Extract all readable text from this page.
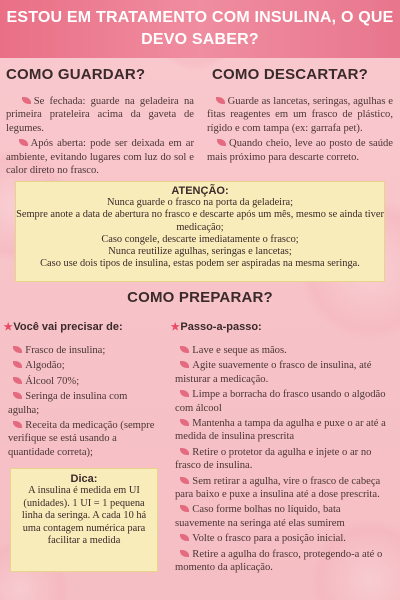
ESTOU EM TRATAMENTO COM INSULINA, O QUE DEVO SABER?
COMO GUARDAR?	COMO DESCARTAR?

Se fechada: guarde na geladeira na primeira prateleira acima da gaveta de legumes.

Após aberta: pode ser deixada em ar ambiente, evitando lugares com luz do sol e calor direto no frasco.

Guarde as lancetas, seringas, agulhas e fitas reagentes em um frasco de plástico, rígido e com tampa (ex: garrafa pet).

Quando cheio, leve ao posto de saúde mais próximo para descarte correto.

ATENÇÃO:
Nunca guarde o frasco na porta da geladeira;
Sempre anote a data de abertura no frasco e descarte após um mês, mesmo se ainda tiver medicação;
Caso congele, descarte imediatamente o frasco;
Nunca reutilize agulhas, seringas e lancetas;
Caso use dois tipos de insulina, estas podem ser aspiradas na mesma seringa.
COMO PREPARAR?
✯Você vai precisar de:	✯Passo-a-passo:
Frasco de insulina;
Algodão;
Álcool 70%;
Seringa de insulina com agulha;
Receita da medicação (sempre verifique se está usando a quantidade correta);
Dica:
A insulina é medida em UI (unidades). 1 UI = 1 pequena linha da seringa. A cada 10 há uma contagem numérica para facilitar a medida
Lave e seque as mãos.
Agite suavemente o frasco de insulina, até misturar a medicação.
Limpe a borracha do frasco usando o algodão com álcool
Mantenha a tampa da agulha e puxe o ar até a medida de insulina prescrita
Retire o protetor da agulha e injete o ar no frasco de insulina.
Sem retirar a agulha, vire o frasco de cabeça para baixo e puxe a insulina até a dose prescrita.
Caso forme bolhas no líquido, bata suavemente na seringa até elas sumirem
Volte o frasco para a posição inicial.
Retire a agulha do frasco, protegendo-a até o momento da aplicação.
